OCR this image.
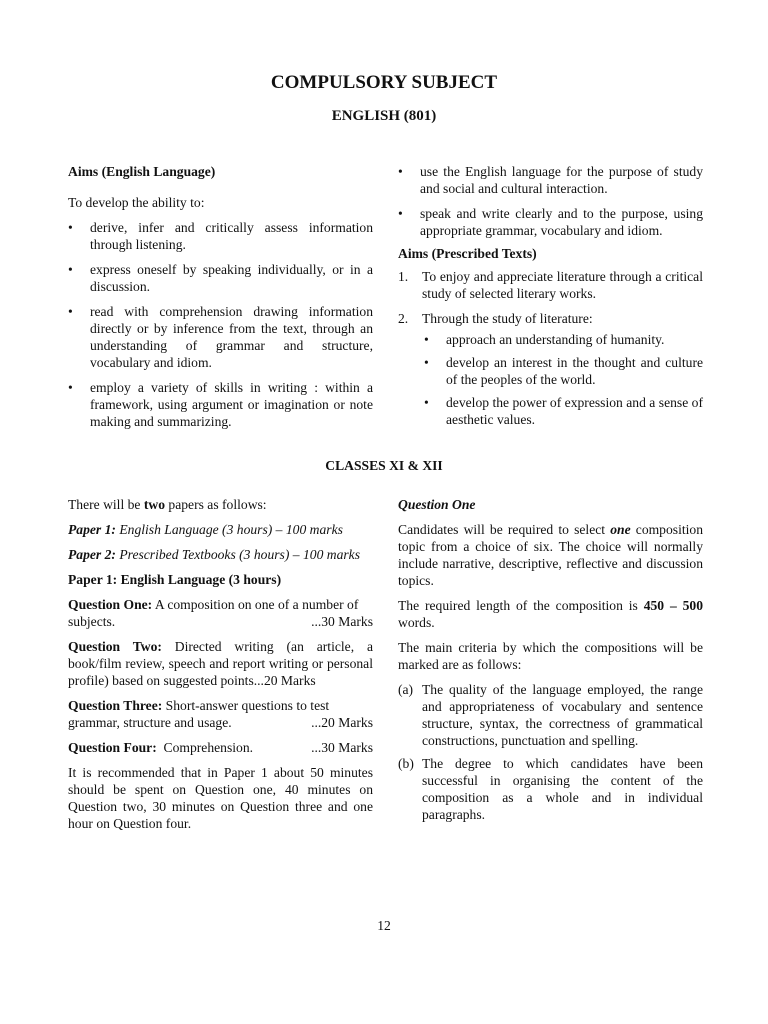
COMPULSORY SUBJECT
ENGLISH (801)
Aims (English Language)

To develop the ability to:

• derive, infer and critically assess information through listening.
• express oneself by speaking individually, or in a discussion.
• read with comprehension drawing information directly or by inference from the text, through an understanding of grammar and structure, vocabulary and idiom.
• employ a variety of skills in writing : within a framework, using argument or imagination or note making and summarizing.
• use the English language for the purpose of study and social and cultural interaction.
• speak and write clearly and to the purpose, using appropriate grammar, vocabulary and idiom.
Aims (Prescribed Texts)
1. To enjoy and appreciate literature through a critical study of selected literary works.
2. Through the study of literature:
• approach an understanding of humanity.
• develop an interest in the thought and culture of the peoples of the world.
• develop the power of expression and a sense of aesthetic values.
CLASSES XI & XII

There will be two papers as follows:

Paper 1: English Language (3 hours) – 100 marks

Paper 2: Prescribed Textbooks (3 hours) – 100 marks

Paper 1: English Language (3 hours)

Question One: A composition on one of a number of

subjects.	...30 Marks

Question Two: Directed writing (an article, a book/film review, speech and report writing or personal profile) based on suggested points...20 Marks

Question Three: Short-answer questions to test

grammar, structure and usage.	...20 Marks
Question Four:  Comprehension.	...30 Marks

It is recommended that in Paper 1 about 50 minutes should be spent on Question one, 40 minutes on Question two, 30 minutes on Question three and one hour on Question four.

Question One

Candidates will be required to select one composition topic from a choice of six. The choice will normally include narrative, descriptive, reflective and discussion topics.

The required length of the composition is 450 – 500 words.

The main criteria by which the compositions will be marked are as follows:

(a) The quality of the language employed, the range and appropriateness of vocabulary and sentence structure, syntax, the correctness of grammatical constructions, punctuation and spelling.
(b) The degree to which candidates have been successful in organising the content of the composition as a whole and in individual paragraphs.
12
